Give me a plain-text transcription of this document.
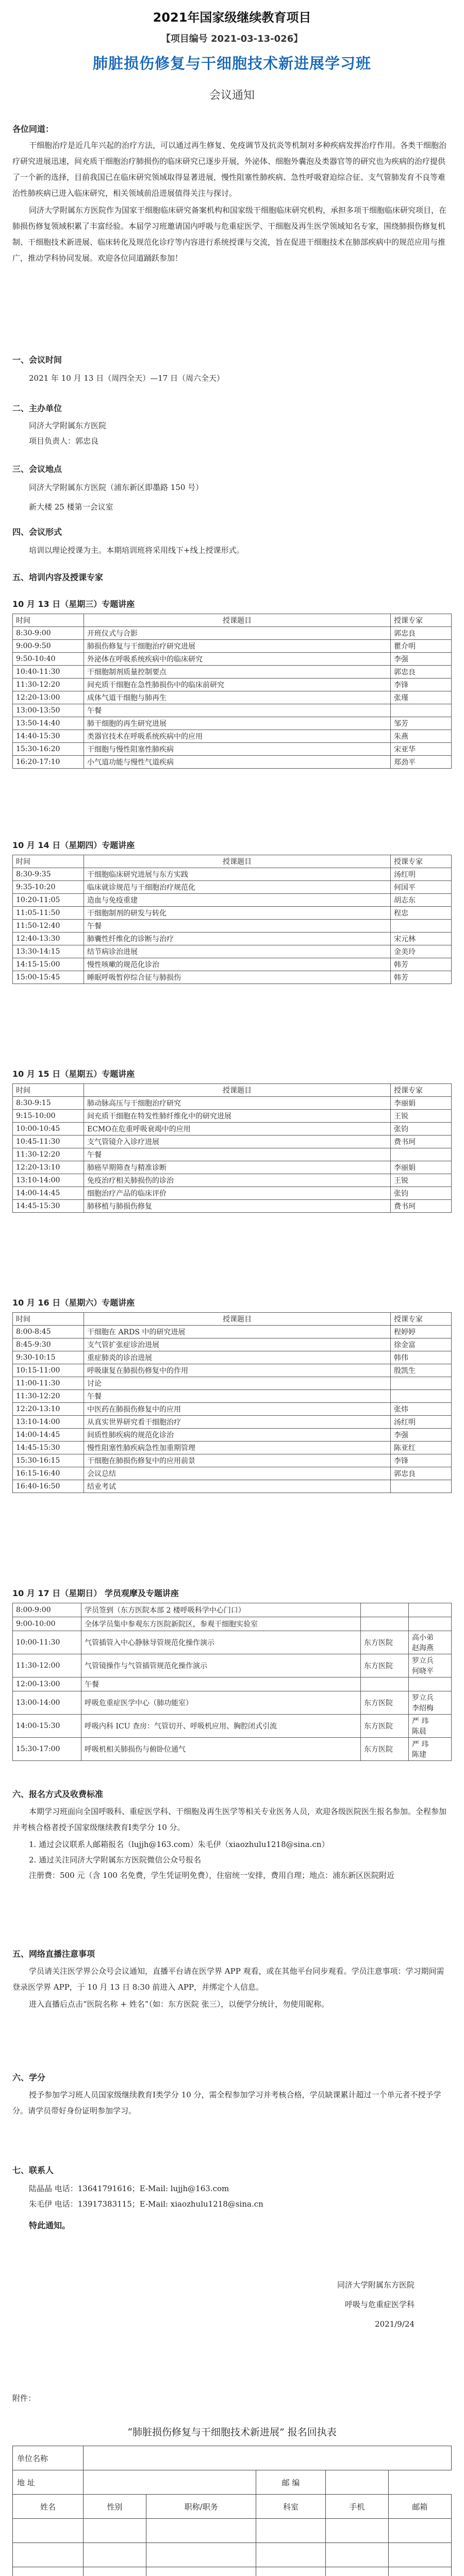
2021年国家级继续教育项目
【项目编号 2021-03-13-026】
肺脏损伤修复与干细胞技术新进展学习班
会议通知
各位同道：

干细胞治疗是近几年兴起的治疗方法，可以通过再生修复、免疫调节及抗炎等机制对多种疾病发挥治疗作用。各类干细胞治疗研究进展迅速，间充质干细胞治疗肺损伤的临床研究已逐步开展，外泌体、细胞外囊泡及类器官等的研究也为疾病的治疗提供了一个新的选择，目前我国已在临床研究领域取得显著进展，慢性阻塞性肺疾病、急性呼吸窘迫综合征、支气管肺发育不良等难治性肺疾病已进入临床研究，相关领域前沿进展值得关注与探讨。

同济大学附属东方医院作为国家干细胞临床研究备案机构和国家级干细胞临床研究机构，承担多项干细胞临床研究项目，在肺损伤修复领域积累了丰富经验。本届学习班邀请国内呼吸与危重症医学、干细胞及再生医学领域知名专家，围绕肺损伤修复机制、干细胞技术新进展、临床转化及规范化诊疗等内容进行系统授课与交流，旨在促进干细胞技术在肺部疾病中的规范应用与推广，推动学科协同发展。欢迎各位同道踊跃参加！

一、会议时间
2021 年 10 月 13 日（周四全天）—17 日（周六全天）
二、主办单位
同济大学附属东方医院
项目负责人：郭忠良
三、会议地点
同济大学附属东方医院（浦东新区即墨路 150 号）
新大楼 25 楼第一会议室
四、会议形式
培训以理论授课为主。本期培训班将采用线下+线上授课形式。
五、培训内容及授课专家
10 月 13 日（星期三）专题讲座
时间	授课题目	授课专家
8:30-9:00	开班仪式与合影	郭忠良
9:00-9:50	肺损伤修复与干细胞治疗研究进展	瞿介明
9:50-10:40	外泌体在呼吸系统疾病中的临床研究	李强
10:40-11:30	干细胞制剂质量控制要点	郭忠良
11:30-12:20	间充质干细胞在急性肺损伤中的临床前研究	李锋
12:20-13:00	成体气道干细胞与肺再生	张瑾
13:00-13:50	午餐	
13:50-14:40	肺干细胞的再生研究进展	邹芳
14:40-15:30	类器官技术在呼吸系统疾病中的应用	朱燕
15:30-16:20	干细胞与慢性阻塞性肺疾病	宋亚华
16:20-17:10	小气道功能与慢性气道疾病	郑劲平
10 月 14 日（星期四）专题讲座
时间	授课题目	授课专家
8:30-9:35	干细胞临床研究进展与东方实践	汤红明
9:35-10:20	临床就诊规范与干细胞治疗规范化	何国平
10:20-11:05	造血与免疫重建	胡志东
11:05-11:50	干细胞制剂的研发与转化	程忠
11:50-12:40	午餐	
12:40-13:30	肺囊性纤维化的诊断与治疗	宋元林
13:30-14:15	结节病诊治进展	金美玲
14:15-15:00	慢性咳嗽的规范化诊治	韩芳
15:00-15:45	睡眠呼吸暂停综合征与肺损伤	韩芳
10 月 15 日（星期五）专题讲座
时间	授课题目	授课专家
8:30-9:15	肺动脉高压与干细胞治疗研究	李丽娟
9:15-10:00	间充质干细胞在特发性肺纤维化中的研究进展	王锐
10:00-10:45	ECMO在危重呼吸衰竭中的应用	张钧
10:45-11:30	支气管镜介入诊疗进展	费书珂
11:30-12:20	午餐	
12:20-13:10	肺癌早期筛查与精准诊断	李丽娟
13:10-14:00	免疫治疗相关肺损伤的诊治	王锐
14:00-14:45	细胞治疗产品的临床评价	张钧
14:45-15:30	肺移植与肺损伤修复	费书珂
10 月 16 日（星期六）专题讲座
时间	授课题目	授课专家
8:00-8:45	干细胞在 ARDS 中的研究进展	程婷婷
8:45-9:30	支气管扩张症诊治进展	徐金富
9:30-10:15	重症肺炎的诊治进展	韩伟
10:15-11:00	呼吸康复在肺损伤修复中的作用	殷凯生
11:00-11:30	讨论	
11:30-12:20	午餐	
12:20-13:10	中医药在肺损伤修复中的应用	张炜
13:10-14:00	从真实世界研究看干细胞治疗	汤红明
14:00-14:45	间质性肺疾病的规范化诊治	李强
14:45-15:30	慢性阻塞性肺疾病急性加重期管理	陈亚红
15:30-16:15	干细胞在肺损伤修复中的应用前景	李锋
16:15-16:40	会议总结	郭忠良
16:40-16:50	结业考试	
10 月 17 日（星期日） 学员观摩及专题讲座
8:00-9:00	学员签到（东方医院本部 2 楼呼吸科学中心门口）		
9:00-10:00	全体学员集中参观东方医院新院区，参观干细胞实验室		
10:00-11:30	气管插管入中心静脉导管规范化操作演示	东方医院	高小弟
赵海燕
11:30-12:00	气管镜操作与气管插管规范化操作演示	东方医院	罗立兵
何晓平
12:00-13:00	午餐		
13:00-14:00	呼吸危重症医学中心（肺功能室）	东方医院	罗立兵
李绍梅
14:00-15:30	呼吸内科 ICU 查房：气管切开、呼吸机应用、胸腔闭式引流	东方医院	严 玮
陈晨
15:30-17:00	呼吸机相关肺损伤与俯卧位通气	东方医院	严 玮
陈建
六、报名方式及收费标准

本期学习班面向全国呼吸科、重症医学科、干细胞及再生医学等相关专业医务人员，欢迎各级医院医生报名参加。全程参加并考核合格者授予国家级继续教育I类学分 10 分。

1. 通过会议联系人邮箱报名（lujjh@163.com）朱毛伊（xiaozhulu1218@sina.cn）
2. 通过关注同济大学附属东方医院微信公众号报名

注册费：500 元（含 100 名免费，学生凭证明免费），住宿统一安排，费用自理；地点：浦东新区医院附近

五、网络直播注意事项

学员请关注医学界公众号会议通知，直播平台请在医学界 APP 观看，或在其他平台同步观看。学员注意事项：学习期间需登录医学界 APP，于 10 月 13 日 8:30 前进入 APP，并绑定个人信息。

进入直播后点击“医院名称 + 姓名”（如：东方医院 张三），以便学分统计，勿使用昵称。

六、学分

授予参加学习班人员国家级继续教育I类学分 10 分，需全程参加学习并考核合格，学员缺课累计超过一个单元者不授予学分。请学员带好身份证明参加学习。

七、联系人
陆晶晶 电话：13641791616；E-Mail: lujjh@163.com
朱毛伊 电话：13917383115；E-Mail: xiaozhulu1218@sina.cn
特此通知。
同济大学附属东方医院
呼吸与危重症医学科
2021/9/24
附件：
“肺脏损伤修复与干细胞技术新进展” 报名回执表
单位名称					
地 址			邮 编		
姓名	性别	职称/职务	科室	手机	邮箱
